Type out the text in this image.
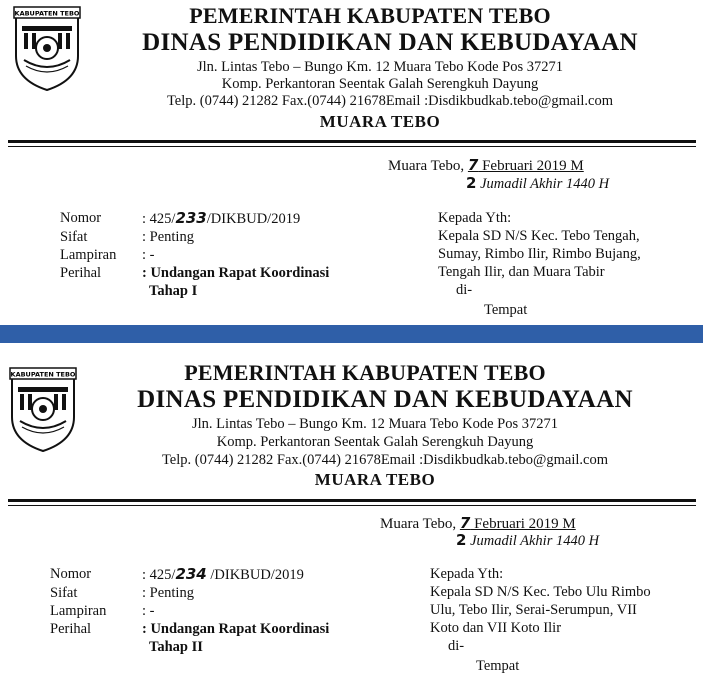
KABUPATEN TEBO	PEMERINTAH KABUPATEN TEBO
DINAS PENDIDIKAN DAN KEBUDAYAAN
Jln. Lintas Tebo – Bungo Km. 12 Muara Tebo Kode Pos 37271
Komp. Perkantoran Seentak Galah Serengkuh Dayung
Telp. (0744) 21282 Fax.(0744) 21678Email :Disdikbudkab.tebo@gmail.com
MUARA TEBO
Muara Tebo, 7 Februari 2019 M
2 Jumadil Akhir 1440 H
Nomor	: 425/233/DIKBUD/2019
Sifat	: Penting
Lampiran	: -
Perihal	: Undangan Rapat Koordinasi
Tahap I
Kepada Yth:
Kepala SD N/S Kec. Tebo Tengah,
Sumay, Rimbo Ilir, Rimbo Bujang,
Tengah Ilir, dan Muara Tabir
di-
Tempat
KABUPATEN TEBO	PEMERINTAH KABUPATEN TEBO
DINAS PENDIDIKAN DAN KEBUDAYAAN
Jln. Lintas Tebo – Bungo Km. 12 Muara Tebo Kode Pos 37271
Komp. Perkantoran Seentak Galah Serengkuh Dayung
Telp. (0744) 21282 Fax.(0744) 21678Email :Disdikbudkab.tebo@gmail.com
MUARA TEBO
Muara Tebo, 7 Februari 2019 M
2 Jumadil Akhir 1440 H
Nomor	: 425/234 /DIKBUD/2019
Sifat	: Penting
Lampiran	: -
Perihal	: Undangan Rapat Koordinasi
Tahap II
Kepada Yth:
Kepala SD N/S Kec. Tebo Ulu Rimbo
Ulu, Tebo Ilir, Serai-Serumpun, VII
Koto dan VII Koto Ilir
di-
Tempat
